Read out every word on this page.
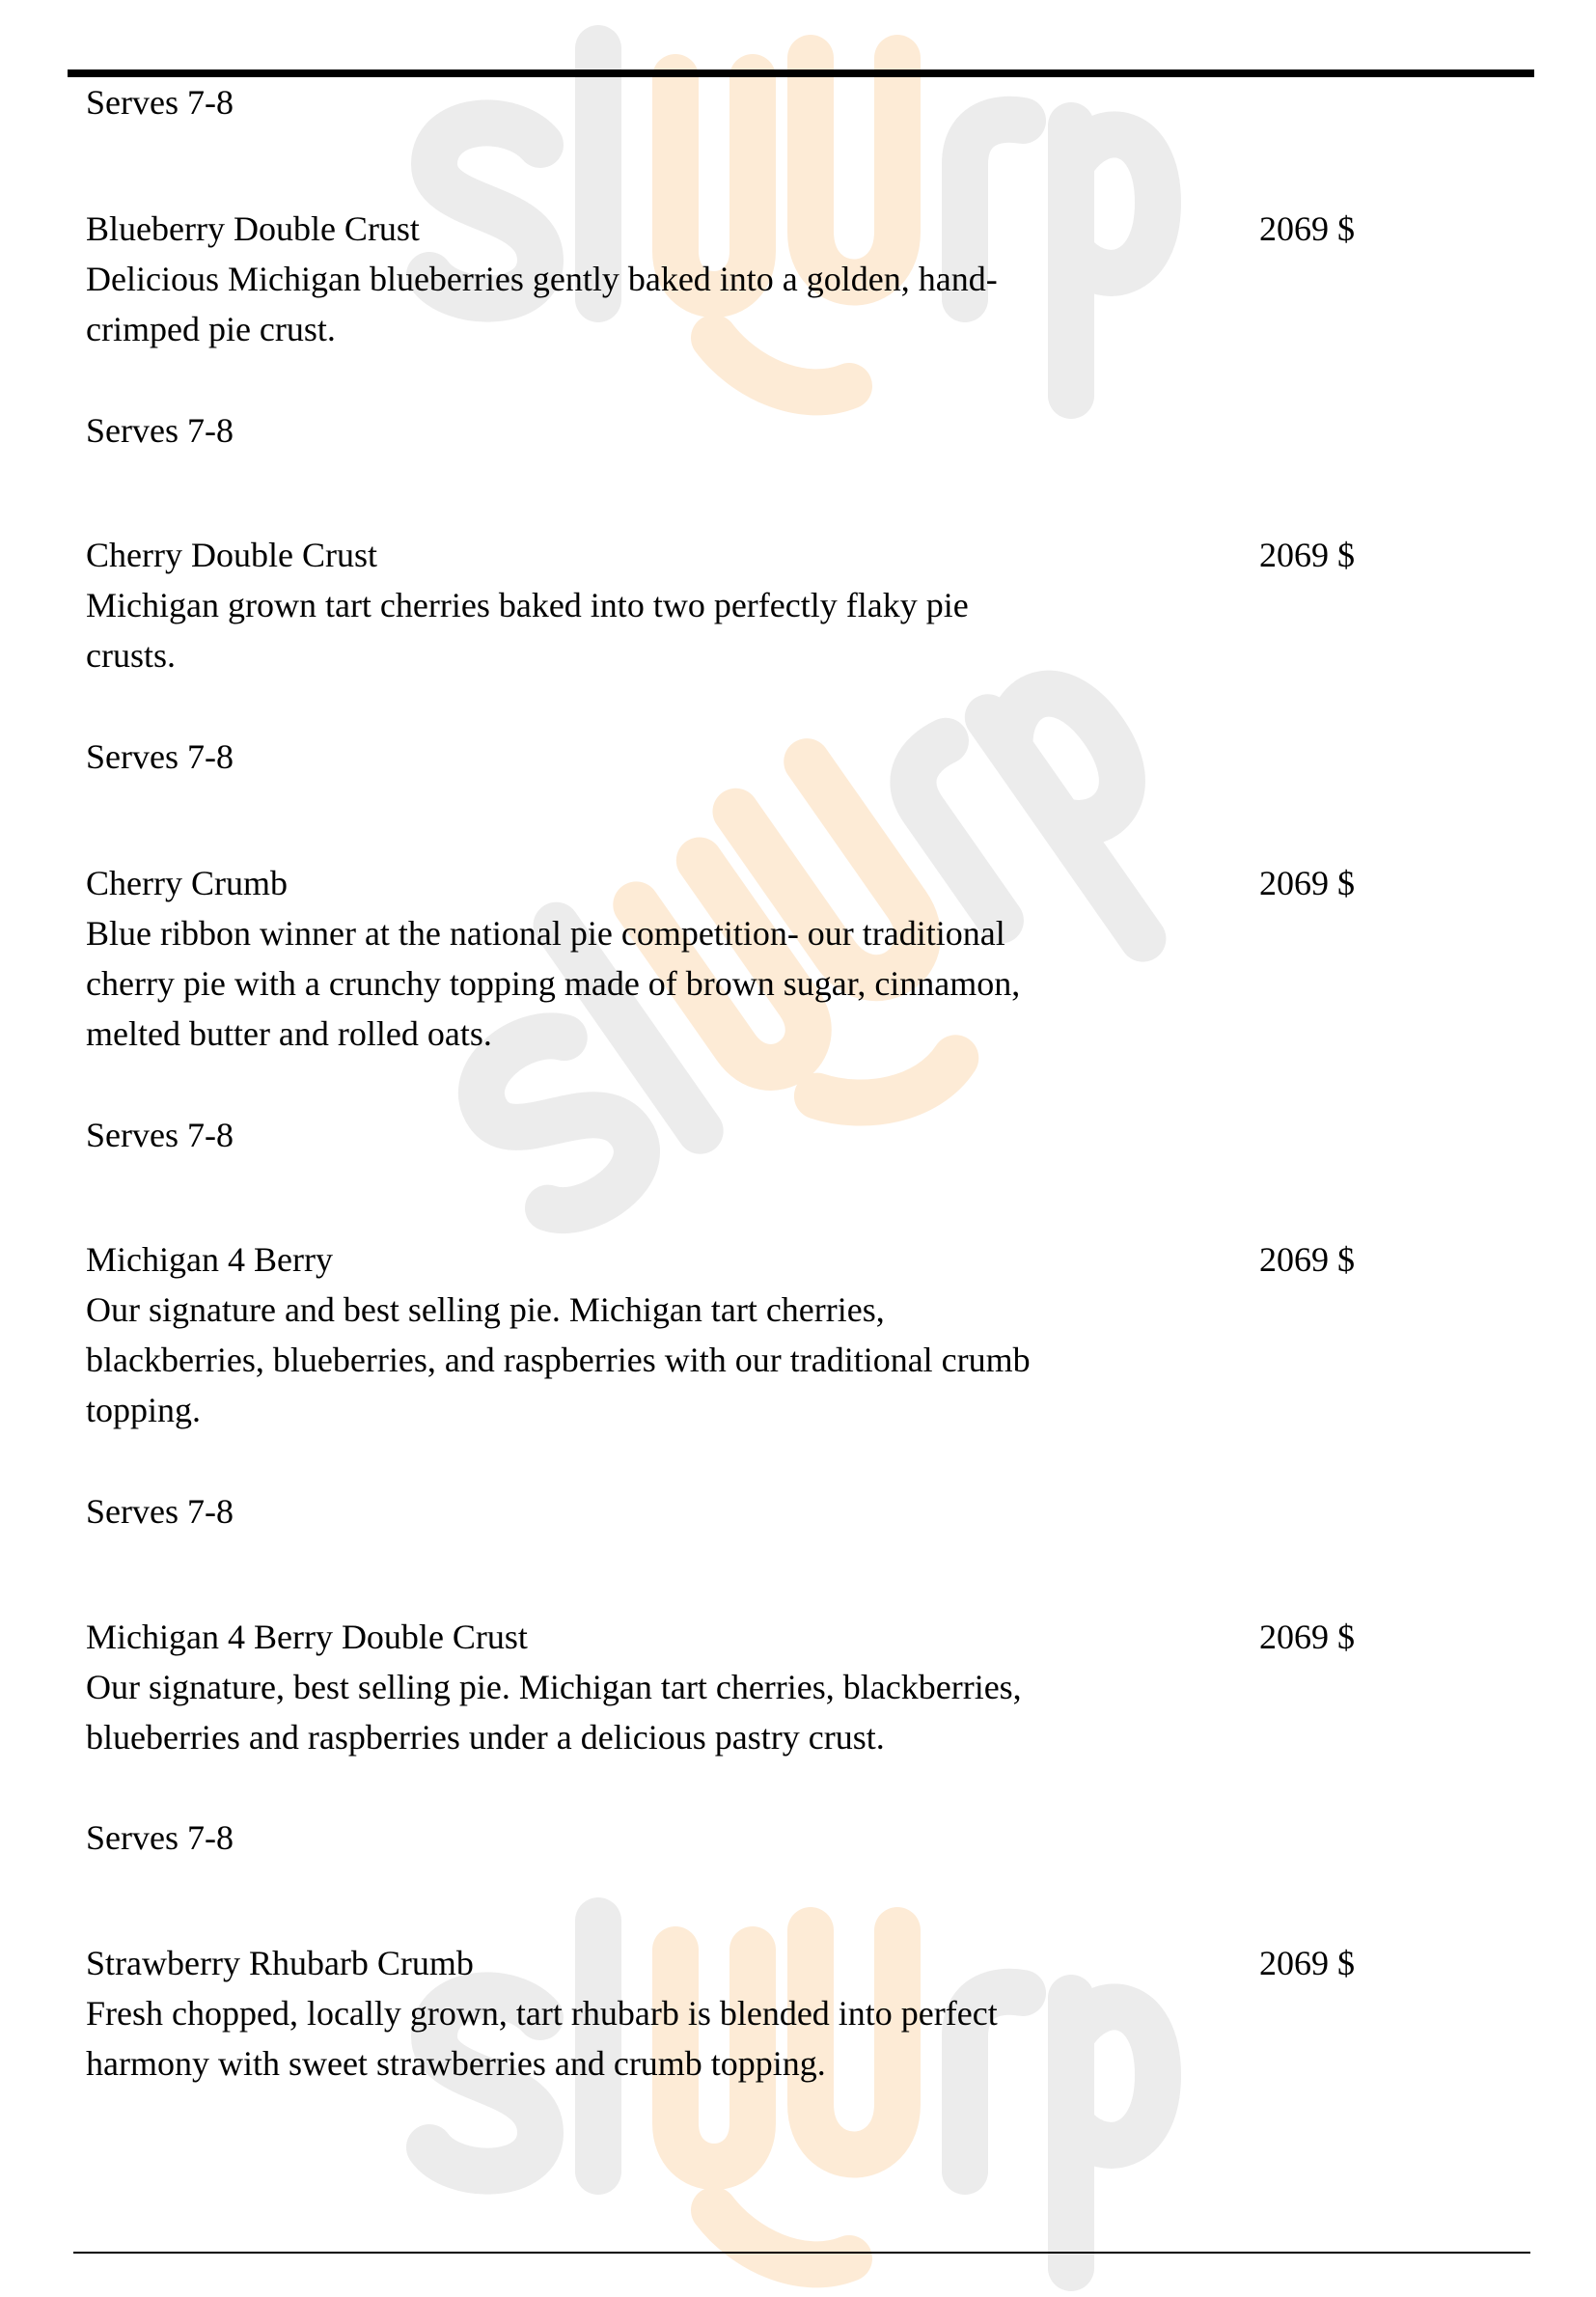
Serves 7-8
Blueberry Double Crust	2069 $
Delicious Michigan blueberries gently baked into a golden, hand-
crimped pie crust.
Serves 7-8
Cherry Double Crust	2069 $
Michigan grown tart cherries baked into two perfectly flaky pie
crusts.
Serves 7-8
Cherry Crumb	2069 $
Blue ribbon winner at the national pie competition- our traditional
cherry pie with a crunchy topping made of brown sugar, cinnamon,
melted butter and rolled oats.
Serves 7-8
Michigan 4 Berry	2069 $
Our signature and best selling pie. Michigan tart cherries,
blackberries, blueberries, and raspberries with our traditional crumb
topping.
Serves 7-8
Michigan 4 Berry Double Crust	2069 $
Our signature, best selling pie. Michigan tart cherries, blackberries,
blueberries and raspberries under a delicious pastry crust.
Serves 7-8
Strawberry Rhubarb Crumb	2069 $
Fresh chopped, locally grown, tart rhubarb is blended into perfect
harmony with sweet strawberries and crumb topping.
